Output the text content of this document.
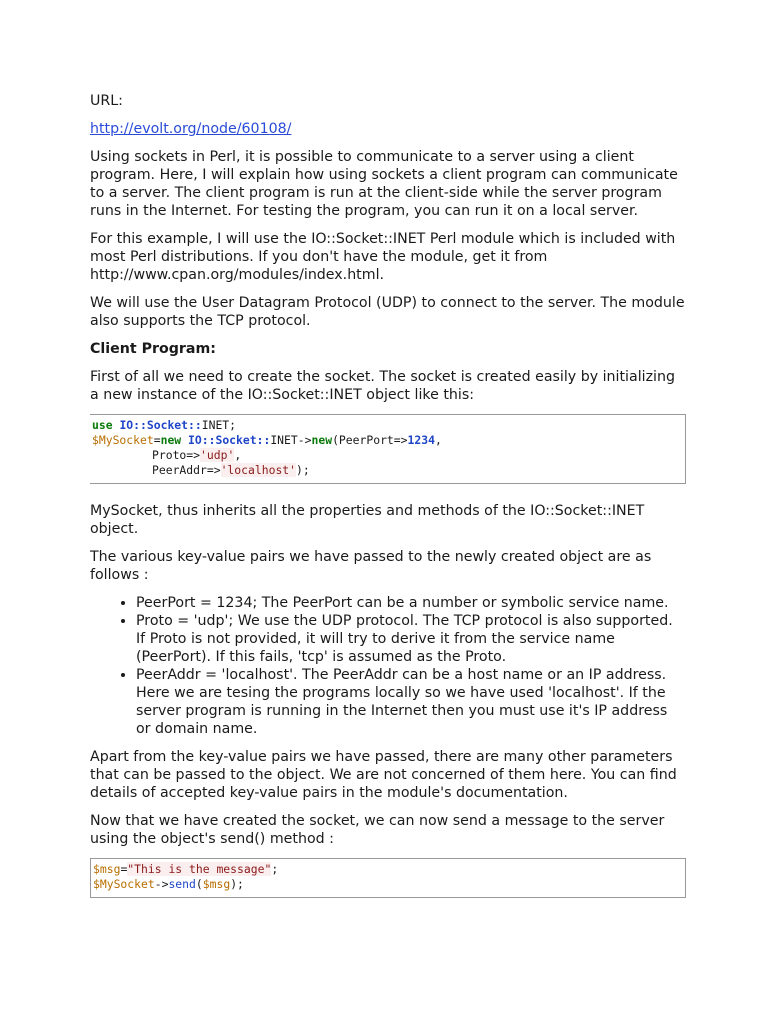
URL:

http://evolt.org/node/60108/

Using sockets in Perl, it is possible to communicate to a server using a client program. Here, I will explain how using sockets a client program can communicate to a server. The client program is run at the client-side while the server program runs in the Internet. For testing the program, you can run it on a local server.

For this example, I will use the IO::Socket::INET Perl module which is included with most Perl distributions. If you don't have the module, get it from http://www.cpan.org/modules/index.html.

We will use the User Datagram Protocol (UDP) to connect to the server. The module also supports the TCP protocol.

Client Program:

First of all we need to create the socket. The socket is created easily by initializing a new instance of the IO::Socket::INET object like this:

use IO::Socket::INET;
$MySocket=new IO::Socket::INET->new(PeerPort=>1234,
Proto=>'udp',
PeerAddr=>'localhost');

MySocket, thus inherits all the properties and methods of the IO::Socket::INET object.

The various key-value pairs we have passed to the newly created object are as follows :

• PeerPort = 1234; The PeerPort can be a number or symbolic service name.
• Proto = 'udp'; We use the UDP protocol. The TCP protocol is also supported. If Proto is not provided, it will try to derive it from the service name (PeerPort). If this fails, 'tcp' is assumed as the Proto.
• PeerAddr = 'localhost'. The PeerAddr can be a host name or an IP address. Here we are tesing the programs locally so we have used 'localhost'. If the server program is running in the Internet then you must use it's IP address or domain name.

Apart from the key-value pairs we have passed, there are many other parameters that can be passed to the object. We are not concerned of them here. You can find details of accepted key-value pairs in the module's documentation.

Now that we have created the socket, we can now send a message to the server using the object's send() method :

$msg="This is the message";
$MySocket->send($msg);
